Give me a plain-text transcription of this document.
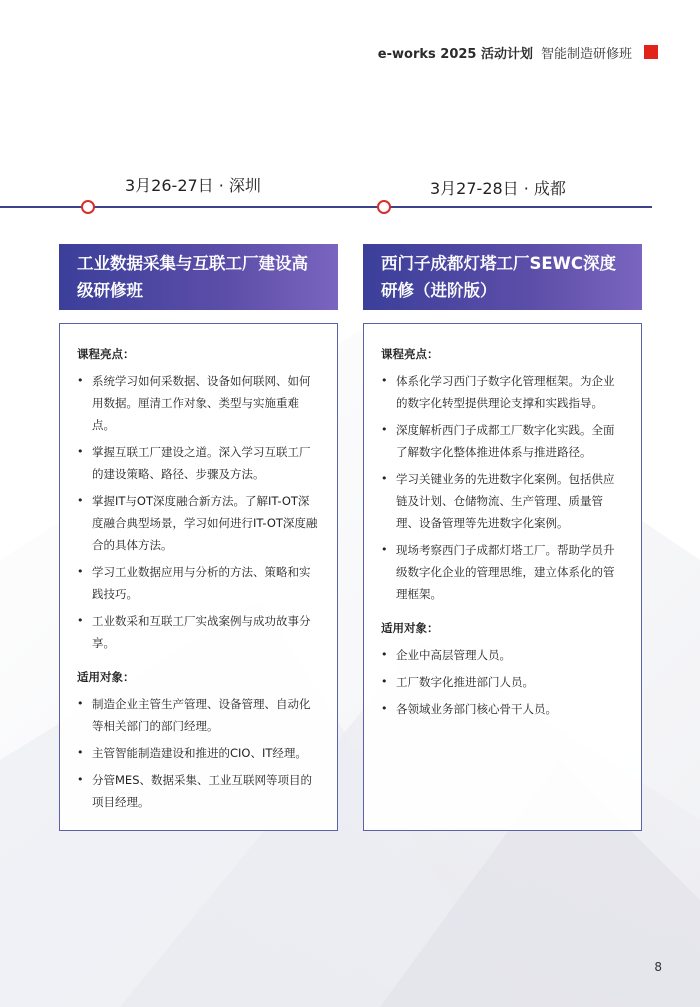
e-works 2025 活动计划 智能制造研修班
3月26-27日 · 深圳	3月27-28日 · 成都
工业数据采集与互联工厂建设高级研修班
课程亮点：
• 系统学习如何采数据、设备如何联网、如何用数据。厘清工作对象、类型与实施重难点。
• 掌握互联工厂建设之道。深入学习互联工厂的建设策略、路径、步骤及方法。
• 掌握IT与OT深度融合新方法。了解IT-OT深度融合典型场景，学习如何进行IT-OT深度融合的具体方法。
• 学习工业数据应用与分析的方法、策略和实践技巧。
• 工业数采和互联工厂实战案例与成功故事分享。
适用对象：
• 制造企业主管生产管理、设备管理、自动化等相关部门的部门经理。
• 主管智能制造建设和推进的CIO、IT经理。
• 分管MES、数据采集、工业互联网等项目的项目经理。
西门子成都灯塔工厂SEWC深度研修（进阶版）
课程亮点：
• 体系化学习西门子数字化管理框架。为企业的数字化转型提供理论支撑和实践指导。
• 深度解析西门子成都工厂数字化实践。全面了解数字化整体推进体系与推进路径。
• 学习关键业务的先进数字化案例。包括供应链及计划、仓储物流、生产管理、质量管理、设备管理等先进数字化案例。
• 现场考察西门子成都灯塔工厂。帮助学员升级数字化企业的管理思维，建立体系化的管理框架。
适用对象：
• 企业中高层管理人员。
• 工厂数字化推进部门人员。
• 各领域业务部门核心骨干人员。
8
